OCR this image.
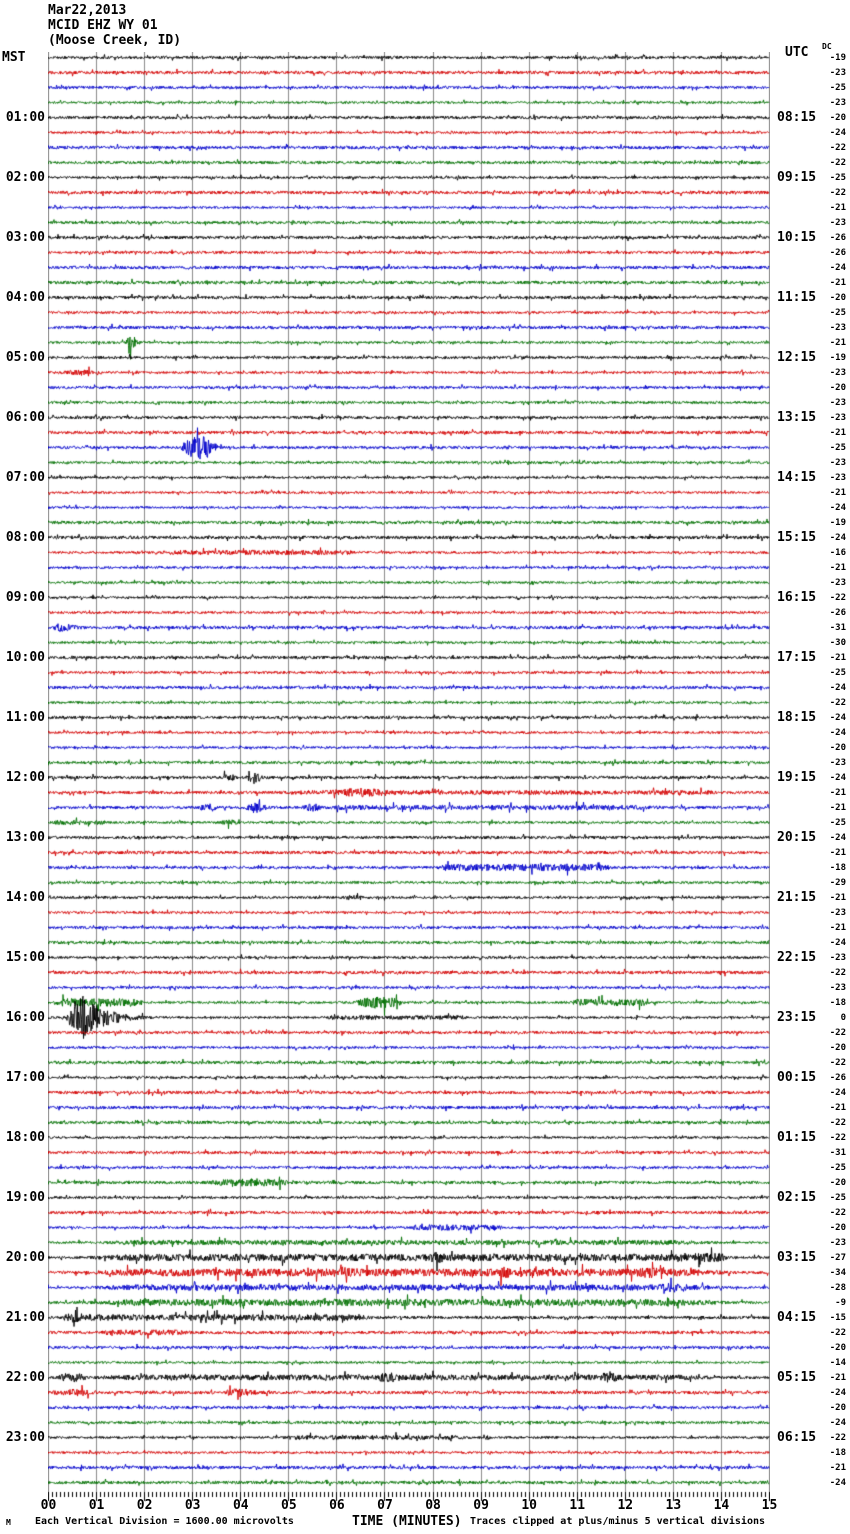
Mar22,2013
MCID EHZ WY 01
(Moose Creek, ID)
MST	UTC DC
01:00
02:00
03:00
04:00
05:00
06:00
07:00
08:00
09:00
10:00
11:00
12:00
13:00
14:00
15:00
16:00
17:00
18:00
19:00
20:00
21:00
22:00
23:00
08:15
09:15
10:15
11:15
12:15
13:15
14:15
15:15
16:15
17:15
18:15
19:15
20:15
21:15
22:15
23:15
00:15
01:15
02:15
03:15
04:15
05:15
06:15
-19
-23
-25
-23
-20
-24
-22
-22
-25
-22
-21
-23
-26
-26
-24
-21
-20
-25
-23
-21
-19
-23
-20
-23
-23
-21
-25
-23
-23
-21
-24
-19
-24
-16
-21
-23
-22
-26
-31
-30
-21
-25
-24
-22
-24
-24
-20
-23
-24
-21
-21
-25
-24
-21
-18
-29
-21
-23
-21
-24
-23
-22
-23
-18
0
-22
-20
-22
-26
-24
-21
-22
-22
-31
-25
-20
-25
-22
-20
-23
-27
-34
-28
-9
-15
-22
-20
-14
-21
-24
-20
-24
-22
-18
-21
-24
00	01	02	03	04	05	06	07	08	09	10	11	12	13	14	15
M Each Vertical Division = 1600.00 microvolts	TIME (MINUTES) Traces clipped at plus/minus 5 vertical divisions
